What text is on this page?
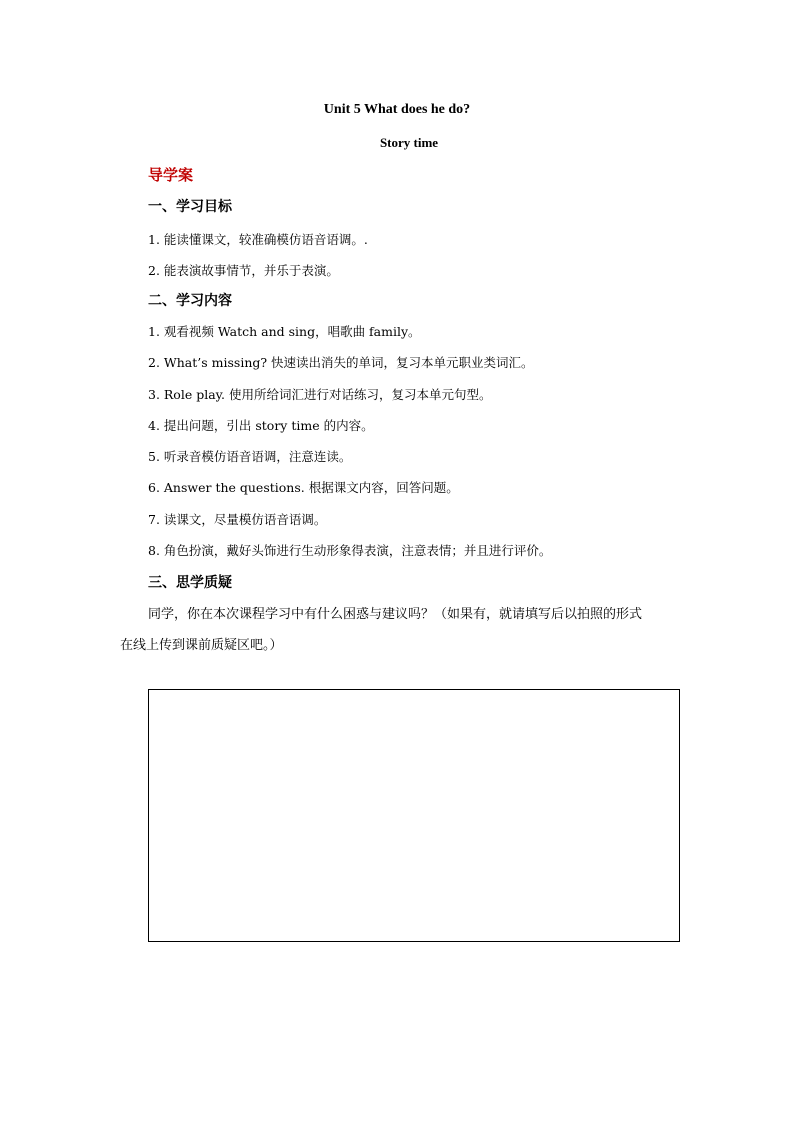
Unit 5 What does he do?
Story time
导学案
一、学习目标
1. 能读懂课文，较准确模仿语音语调。.
2. 能表演故事情节，并乐于表演。
二、学习内容
1. 观看视频 Watch and sing，唱歌曲 family。
2. What’s missing? 快速读出消失的单词，复习本单元职业类词汇。
3. Role play. 使用所给词汇进行对话练习，复习本单元句型。
4. 提出问题，引出 story time 的内容。
5. 听录音模仿语音语调，注意连读。
6. Answer the questions. 根据课文内容，回答问题。
7. 读课文，尽量模仿语音语调。
8. 角色扮演，戴好头饰进行生动形象得表演，注意表情；并且进行评价。
三、思学质疑
同学，你在本次课程学习中有什么困惑与建议吗？（如果有，就请填写后以拍照的形式
在线上传到课前质疑区吧。）
